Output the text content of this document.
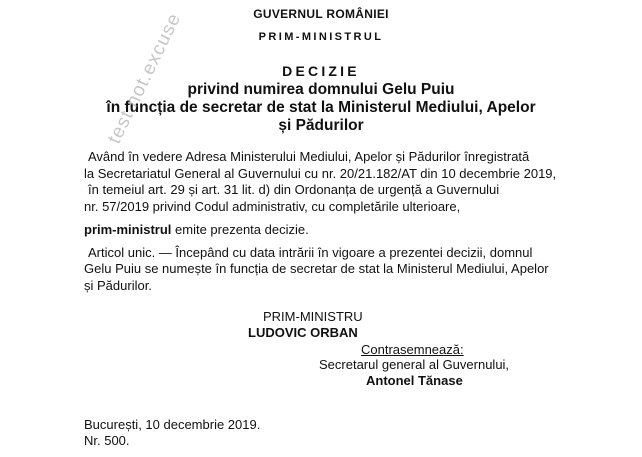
GUVERNUL ROMÂNIEI
PRIM-MINISTRUL
DECIZIE
privind numirea domnului Gelu Puiu
în funcția de secretar de stat la Ministerul Mediului, Apelor
și Pădurilor
Având în vedere Adresa Ministerului Mediului, Apelor și Pădurilor înregistrată
la Secretariatul General al Guvernului cu nr. 20/21.182/AT din 10 decembrie 2019,
în temeiul art. 29 și art. 31 lit. d) din Ordonanța de urgență a Guvernului
nr. 57/2019 privind Codul administrativ, cu completările ulterioare,
prim-ministrul emite prezenta decizie.
Articol unic. — Începând cu data intrării în vigoare a prezentei decizii, domnul
Gelu Puiu se numește în funcția de secretar de stat la Ministerul Mediului, Apelor
și Pădurilor.
PRIM-MINISTRU
LUDOVIC ORBAN
Contrasemnează:
Secretarul general al Guvernului,
Antonel Tănase
București, 10 decembrie 2019.
Nr. 500.
test.not.excuse
